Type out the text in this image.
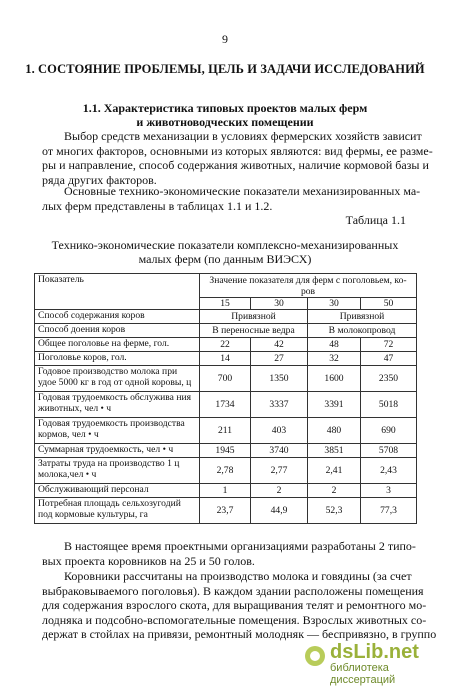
9
1. СОСТОЯНИЕ ПРОБЛЕМЫ, ЦЕЛЬ И ЗАДАЧИ ИССЛЕДОВАНИЙ
1.1. Характеристика типовых проектов малых ферм
и животноводческих помещении
Выбор средств механизации в условиях фермерских хозяйств зависит
от многих факторов, основными из которых являются: вид фермы, ее разме-
ры и направление, способ содержания животных, наличие кормовой базы и
ряда других факторов.
Основные технико-экономические показатели механизированных ма-
лых ферм представлены в таблицах 1.1 и 1.2.
Таблица 1.1
Технико-экономические показатели комплексно-механизированных
малых ферм (по данным ВИЭСХ)
Показатель	Значение показателя для ферм с поголовьем, ко-ров			
	15	30	30	50
Способ содержания коров	Привязной		Привязной	
Способ доения коров	В переносные ведра		В молокопровод	
Общее поголовье на ферме, гол.	22	42	48	72
Поголовье коров, гол.	14	27	32	47
Годовое производство молока при удое 5000 кг в год от одной коровы, ц	700	1350	1600	2350
Годовая трудоемкость обслужива ния животных, чел • ч	1734	3337	3391	5018
Годовая трудоемкость производства кормов, чел • ч	211	403	480	690
Суммарная трудоемкость, чел • ч	1945	3740	3851	5708
Затраты труда на производство 1 ц молока,чел • ч	2,78	2,77	2,41	2,43
Обслуживающий персонал	1	2	2	3
Потребная площадь сельхозугодий под кормовые культуры, га	23,7	44,9	52,3	77,3
В настоящее время проектными организациями разработаны 2 типо-
вых проекта коровников на 25 и 50 голов.
Коровники рассчитаны на производство молока и говядины (за счет
выбраковываемого поголовья). В каждом здании расположены помещения
для содержания взрослого скота, для выращивания телят и ремонтного мо-
лодняка и подсобно-вспомогательные помещения. Взрослых животных со-
держат в стойлах на привязи, ремонтный молодняк — беспривязно, в группо
dsLib.net
библиотека диссертаций
